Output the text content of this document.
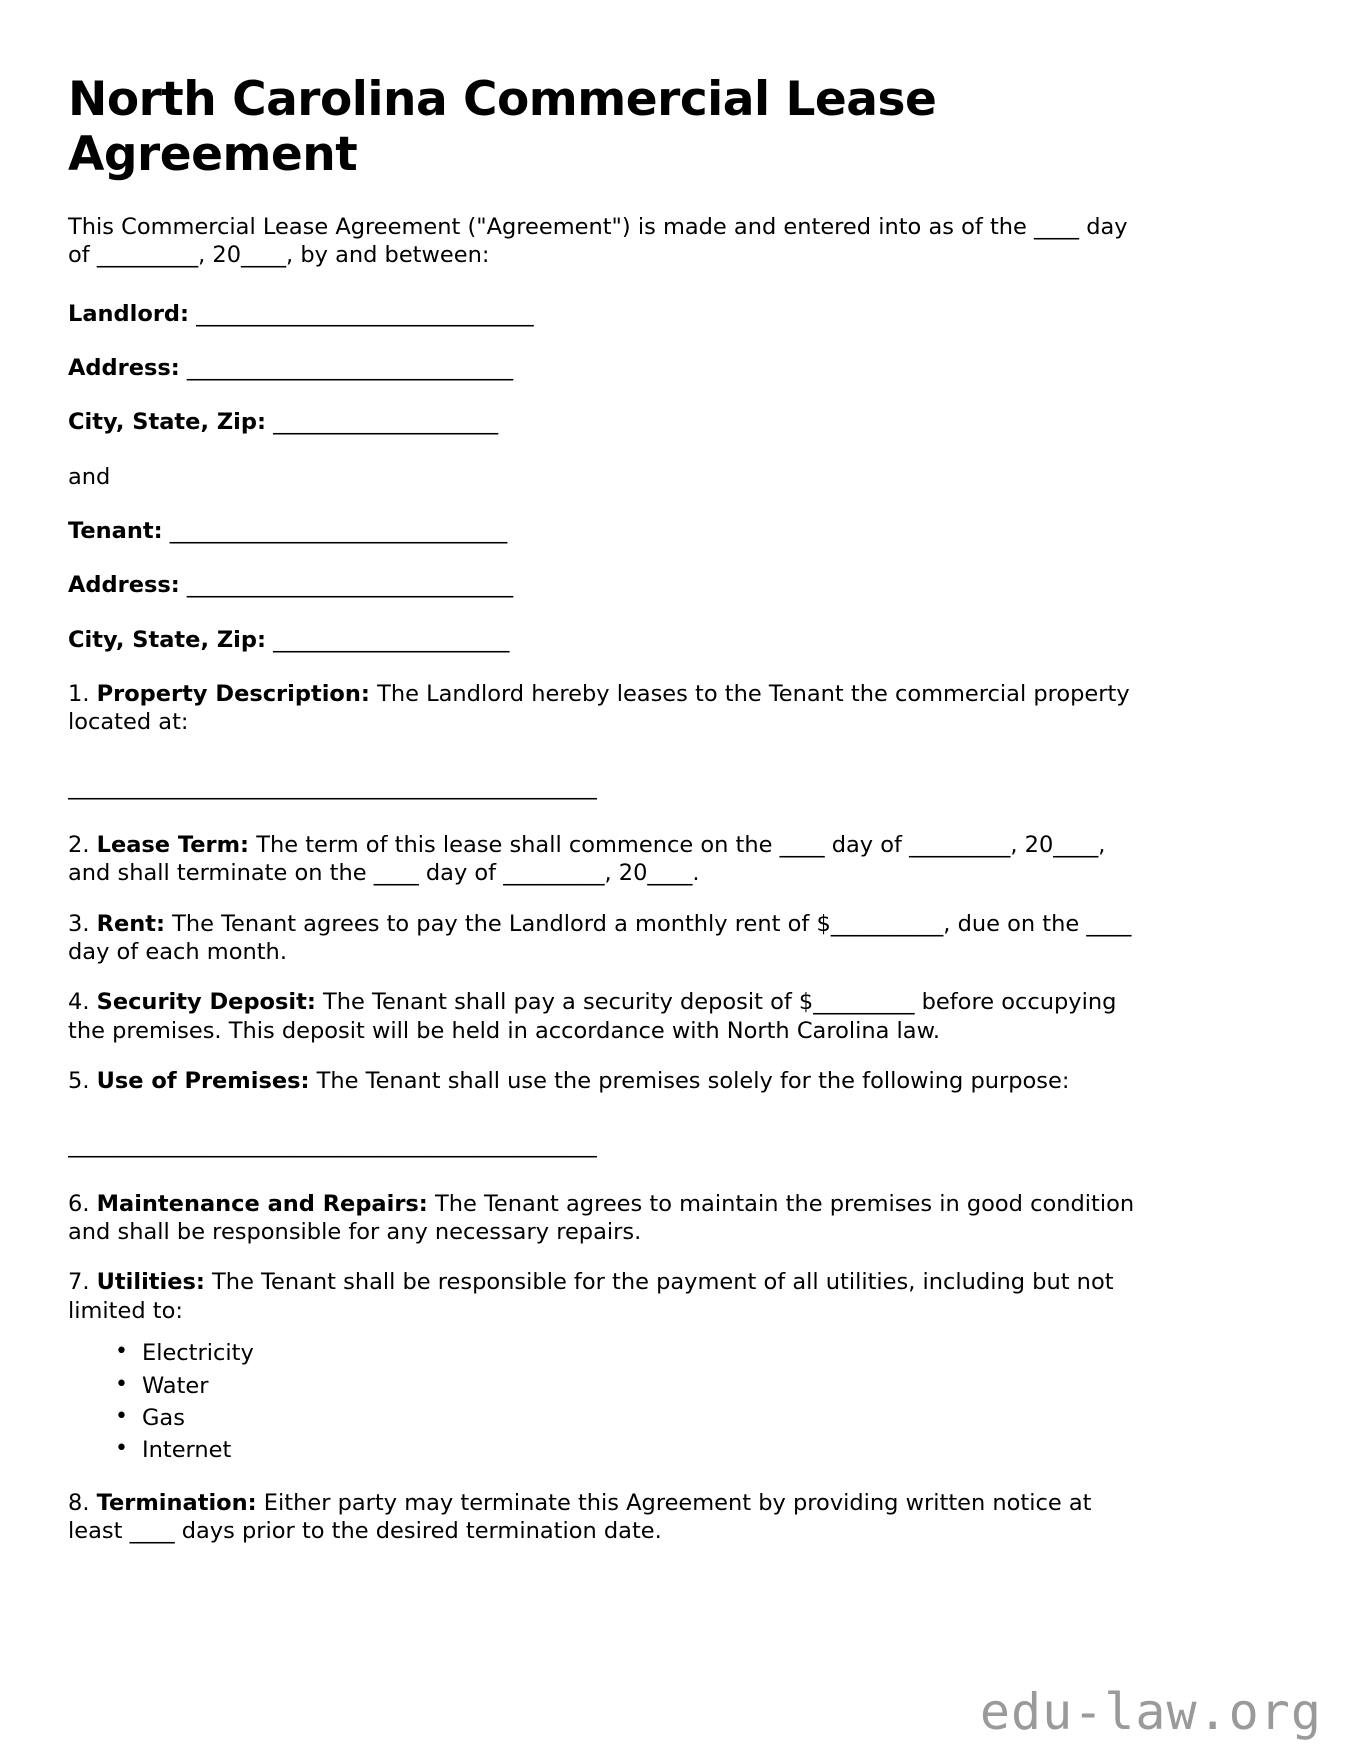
North Carolina Commercial Lease Agreement

This Commercial Lease Agreement ("Agreement") is made and entered into as of the ____ day of _________, 20____, by and between:

Landlord: ______________________________
Address: _____________________________
City, State, Zip: ____________________
and
Tenant: ______________________________
Address: _____________________________
City, State, Zip: _____________________

1. Property Description: The Landlord hereby leases to the Tenant the commercial property located at:

_______________________________________________

2. Lease Term: The term of this lease shall commence on the ____ day of _________, 20____, and shall terminate on the ____ day of _________, 20____.

3. Rent: The Tenant agrees to pay the Landlord a monthly rent of $__________, due on the ____ day of each month.

4. Security Deposit: The Tenant shall pay a security deposit of $_________ before occupying the premises. This deposit will be held in accordance with North Carolina law.

5. Use of Premises: The Tenant shall use the premises solely for the following purpose:

_______________________________________________

6. Maintenance and Repairs: The Tenant agrees to maintain the premises in good condition and shall be responsible for any necessary repairs.

7. Utilities: The Tenant shall be responsible for the payment of all utilities, including but not limited to:

• Electricity
• Water
• Gas
• Internet

8. Termination: Either party may terminate this Agreement by providing written notice at least ____ days prior to the desired termination date.

edu-law.org
